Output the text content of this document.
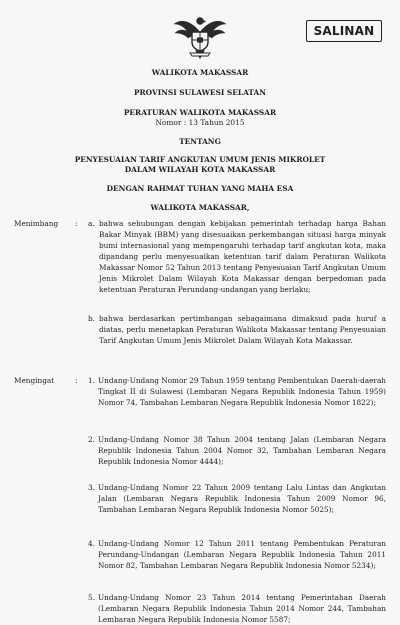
SALINAN
WALIKOTA MAKASSAR
PROVINSI SULAWESI SELATAN
PERATURAN WALIKOTA MAKASSAR
Nomor : 13 Tahun 2015
TENTANG
PENYESUAIAN TARIF ANGKUTAN UMUM JENIS MIKROLET
DALAM WILAYAH KOTA MAKASSAR
DENGAN RAHMAT TUHAN YANG MAHA ESA
WALIKOTA MAKASSAR,
Menimbang : a. bahwa sehubungan dengan kebijakan pemerintah terhadap harga Bahan Bakar Minyak (BBM) yang disesuaikan perkembangan situasi harga minyak bumi internasional yang mempengaruhi terhadap tarif angkutan kota, maka dipandang perlu menyesuaikan ketentuan tarif dalam Peraturan Walikota Makassar Nomor 52 Tahun 2013 tentang Penyesuaian Tarif Angkutan Umum Jenis Mikrolet Dalam Wilayah Kota Makassar dengan berpedoman pada ketentuan Peraturan Perundang-undangan yang berlaku;

b. bahwa berdasarkan pertimbangan sebagaimana dimaksud pada huruf a diatas, perlu menetapkan Peraturan Walikota Makassar tentang Penyesuaian Tarif Angkutan Umum Jenis Mikrolet Dalam Wilayah Kota Makassar.

Mengingat	: 1. Undang-Undang Nomor 29 Tahun 1959 tentang Pembentukan Daerah-daerah Tingkat II di Sulawesi (Lembaran Negara Republik Indonesia Tahun 1959) Nomor 74, Tambahan Lembaran Negara Republik Indonesia Nomor 1822);

2. Undang-Undang Nomor 38 Tahun 2004 tentang Jalan (Lembaran Negara Republik Indonesia Tahun 2004 Nomor 32, Tambahan Lembaran Negara Republik Indonesia Nomor 4444);

3. Undang-Undang Nomor 22 Tahun 2009 tentang Lalu Lintas dan Angkutan Jalan (Lembaran Negara Republik Indonesia Tahun 2009 Nomor 96, Tambahan Lembaran Negara Republik Indonesia Nomor 5025);

4. Undang-Undang Nomor 12 Tahun 2011 tentang Pembentukan Peraturan Perundang-Undangan (Lembaran Negara Republik Indonesia Tahun 2011 Nomor 82, Tambahan Lembaran Negara Republik Indonesia Nomor 5234);

5. Undang-Undang Nomor 23 Tahun 2014 tentang Pemerintahan Daerah (Lembaran Negara Republik Indonesia Tahun 2014 Nomor 244, Tambahan Lembaran Negara Republik Indonesia Nomor 5587;
